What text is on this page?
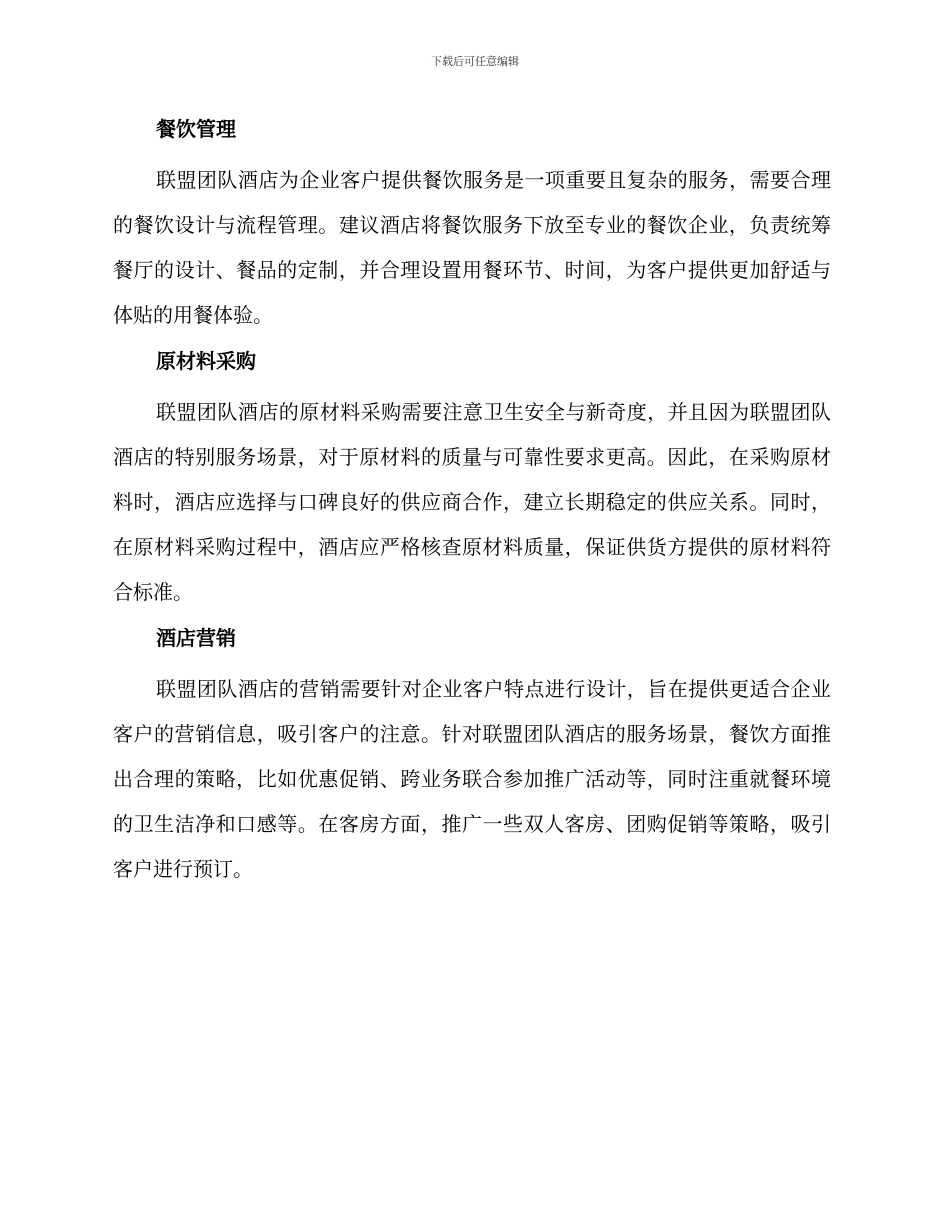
下载后可任意编辑
餐饮管理

联盟团队酒店为企业客户提供餐饮服务是一项重要且复杂的服务，需要合理的餐饮设计与流程管理。建议酒店将餐饮服务下放至专业的餐饮企业，负责统筹餐厅的设计、餐品的定制，并合理设置用餐环节、时间，为客户提供更加舒适与体贴的用餐体验。

原材料采购

联盟团队酒店的原材料采购需要注意卫生安全与新奇度，并且因为联盟团队酒店的特别服务场景，对于原材料的质量与可靠性要求更高。因此，在采购原材料时，酒店应选择与口碑良好的供应商合作，建立长期稳定的供应关系。同时，在原材料采购过程中，酒店应严格核查原材料质量，保证供货方提供的原材料符合标准。

酒店营销

联盟团队酒店的营销需要针对企业客户特点进行设计，旨在提供更适合企业客户的营销信息，吸引客户的注意。针对联盟团队酒店的服务场景，餐饮方面推出合理的策略，比如优惠促销、跨业务联合参加推广活动等，同时注重就餐环境的卫生洁净和口感等。在客房方面，推广一些双人客房、团购促销等策略，吸引客户进行预订。
